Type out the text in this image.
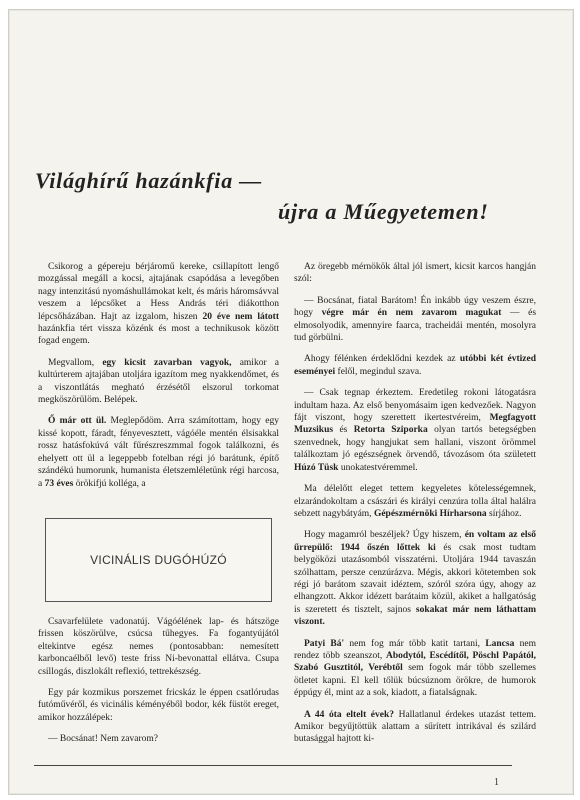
Világhírű hazánkfia —
újra a Műegyetemen!

Csikorog a gépereju bérjáromű kereke, csillapított lengő mozgással megáll a kocsi, ajtajának csapódása a levegőben nagy intenzitású nyomáshullámokat kelt, és máris háromsávval veszem a lépcsőket a Hess András téri diákotthon lépcsőházában. Hajt az izgalom, hiszen 20 éve nem látott hazánkfia tért vissza közénk és most a technikusok között fogad engem.

Megvallom, egy kicsit zavarban vagyok, amikor a kultúrterem ajtajában utoljára igazítom meg nyakkendőmet, és a viszontlátás megható érzésétől elszorul torkomat megköszörülöm. Belépek.

Ő már ott ül. Meglepődöm. Arra számítottam, hogy egy kissé kopott, fáradt, fényevesztett, vágóéle mentén élsisakkal rossz hatásfokúvá vált fűrészreszmmal fogok találkozni, és ehelyett ott ül a legeppebb fotelban régi jó barátunk, építő szándékú humorunk, humanista életszemléletünk régi harcosa, a 73 éves örökifjú kolléga, a

VICINÁLIS DUGÓHÚZÓ

Csavarfelülete vadonatúj. Vágóélének lap- és hátszöge frissen köszörülve, csúcsa tűhegyes. Fa fogantyújától eltekintve egész nemes (pontosabban: nemesített karboncaélből levő) teste friss Ni-bevonattal ellátva. Csupa csillogás, diszlokált reflexió, tettrekészség.

Egy pár kozmikus porszemet fricskáz le éppen csatlórudas futóművéről, és vicinális kéményéből bodor, kék füstöt ereget, amikor hozzálépek:

— Bocsánat! Nem zavarom?

Az öregebb mérnökök által jól ismert, kicsit karcos hangján szól:

— Bocsánat, fiatal Barátom! Én inkább úgy veszem észre, hogy végre már én nem zavarom magukat — és elmosolyodik, amennyire faarca, tracheidái mentén, mosolyra tud görbülni.

Ahogy félénken érdeklődni kezdek az utóbbi két évtized eseményei felől, megindul szava.

— Csak tegnap érkeztem. Eredetileg rokoni látogatásra indultam haza. Az első benyomásaim igen kedvezőek. Nagyon fájt viszont, hogy szerettett ikertestvéreim, Megfagyott Muzsikus és Retorta Sziporka olyan tartós betegségben szenvednek, hogy hangjukat sem hallani, viszont örömmel találkoztam jó egészségnek örvendő, távozásom óta született Húzó Tüsk unokatestvéremmel.

Ma délelőtt eleget tettem kegyeletes kötelességemnek, elzarándokoltam a császári és királyi cenzúra tolla által halálra sebzett nagybátyám, Gépészmérnöki Hírharsona sírjához.

Hogy magamról beszéljek? Úgy hiszem, én voltam az első űrrepülő: 1944 őszén lőttek ki és csak most tudtam belygöközi utazásomból visszatérni. Utoljára 1944 tavaszán szólhattam, persze cenzúrázva. Mégis, akkori kötetemben sok régi jó barátom szavait idéztem, szóról szóra úgy, ahogy az elhangzott. Akkor idézett barátaim közül, akiket a hallgatóság is szeretett és tisztelt, sajnos sokakat már nem láthattam viszont.

Patyi Bá' nem fog már több katit tartani, Lancsa nem rendez több szeanszot, Abodytól, Escédítől, Pöschl Papától, Szabó Gusztitól, Verébtől sem fogok már több szellemes ötletet kapni. El kell tőlük búcsúznom örökre, de humorok éppúgy él, mint az a sok, kiadott, a fiatalságnak.

A 44 óta eltelt évek? Hallatlanul érdekes utazást tettem. Amikor begyűjtöttük alattam a sűrített intrikával és szilárd butasággal hajtott ki-

1
